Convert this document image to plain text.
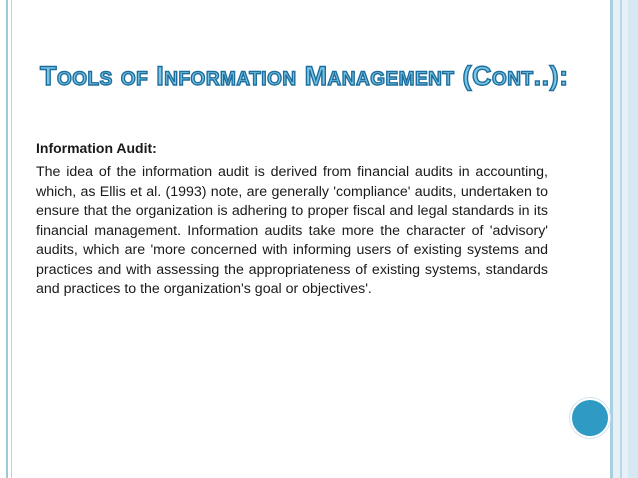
Tools of Information Management (Cont..):
Information Audit:
The idea of the information audit is derived from financial audits in accounting, which, as Ellis et al. (1993) note, are generally 'compliance' audits, undertaken to ensure that the organization is adhering to proper fiscal and legal standards in its financial management. Information audits take more the character of 'advisory' audits, which are 'more concerned with informing users of existing systems and practices and with assessing the appropriateness of existing systems, standards and practices to the organization's goal or objectives'.
